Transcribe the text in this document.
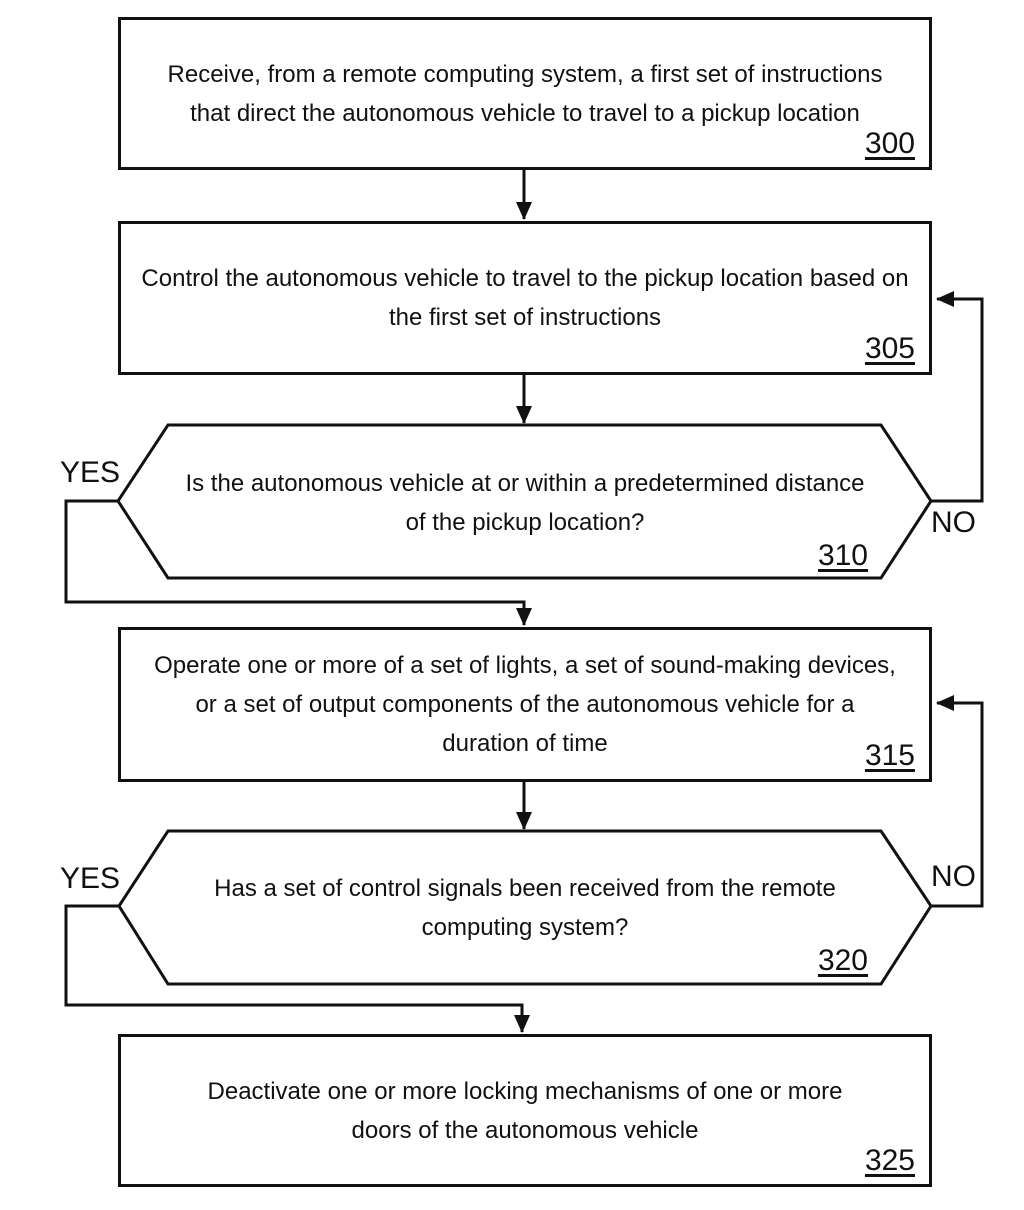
Receive, from a remote computing system, a first set of instructions that direct the autonomous vehicle to travel to a pickup location
300
Control the autonomous vehicle to travel to the pickup location based on the first set of instructions
305
Operate one or more of a set of lights, a set of sound-making devices, or a set of output components of the autonomous vehicle for a duration of time	315
Deactivate one or more locking mechanisms of one or more doors of the autonomous vehicle
325
Is the autonomous vehicle at or within a predetermined distance of the pickup location?
310
Has a set of control signals been received from the remote computing system?
320
YES
NO
YES	NO
